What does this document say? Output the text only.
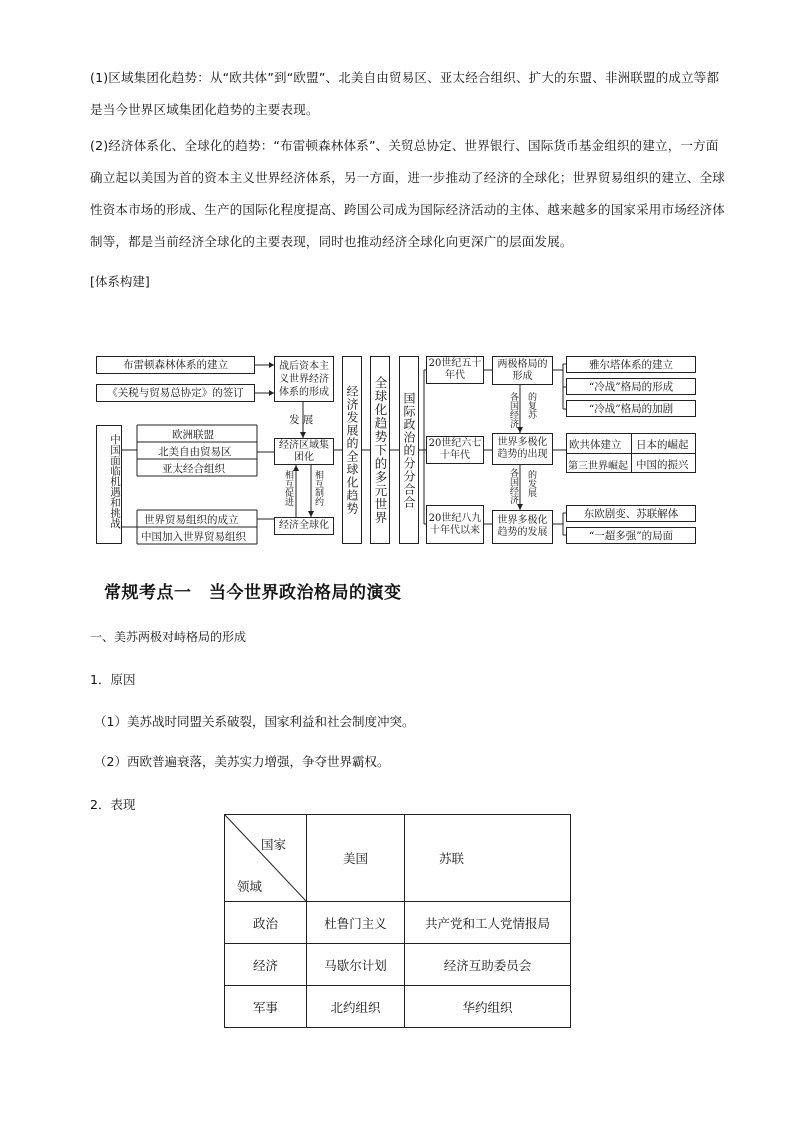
(1)区域集团化趋势：从“欧共体”到“欧盟”、北美自由贸易区、亚太经合组织、扩大的东盟、非洲联盟的成立等都是当今世界区域集团化趋势的主要表现。
(2)经济体系化、全球化的趋势：“布雷顿森林体系”、关贸总协定、世界银行、国际货币基金组织的建立，一方面确立起以美国为首的资本主义世界经济体系，另一方面，进一步推动了经济的全球化；世界贸易组织的建立、全球性资本市场的形成、生产的国际化程度提高、跨国公司成为国际经济活动的主体、越来越多的国家采用市场经济体制等，都是当前经济全球化的主要表现，同时也推动经济全球化向更深广的层面发展。
[体系构建]
布雷顿森林体系的建立
《关税与贸易总协定》的签订
战后资本主义世界经济体系的形成
发 展
欧洲联盟
北美自由贸易区
亚太经合组织
经济区域集团化
相互促进 相互制约
经济全球化
世界贸易组织的成立
中国加入世界贸易组织
中国面临机遇和挑战	经济发展的全球化趋势 全球化趋势下的多元世界 国际政治的分分合合
20世纪五十年代
20世纪六七十年代
20世纪八九十年代以来
两极格局的形成
各国经济 的复苏
世界多极化趋势的出现
各国经济 的发展
世界多极化趋势的发展
雅尔塔体系的建立
“冷战”格局的形成
“冷战”格局的加剧
欧共体建立 日本的崛起
第三世界崛起 中国的振兴
东欧剧变、苏联解体
“一超多强”的局面
常规考点一　当今世界政治格局的演变
一、美苏两极对峙格局的形成
1．原因
（1）美苏战时同盟关系破裂，国家利益和社会制度冲突。
（2）西欧普遍衰落，美苏实力增强，争夺世界霸权。
2．表现
国家
领域	美国	苏联
政治	杜鲁门主义	共产党和工人党情报局
经济	马歇尔计划	经济互助委员会
军事	北约组织	华约组织
